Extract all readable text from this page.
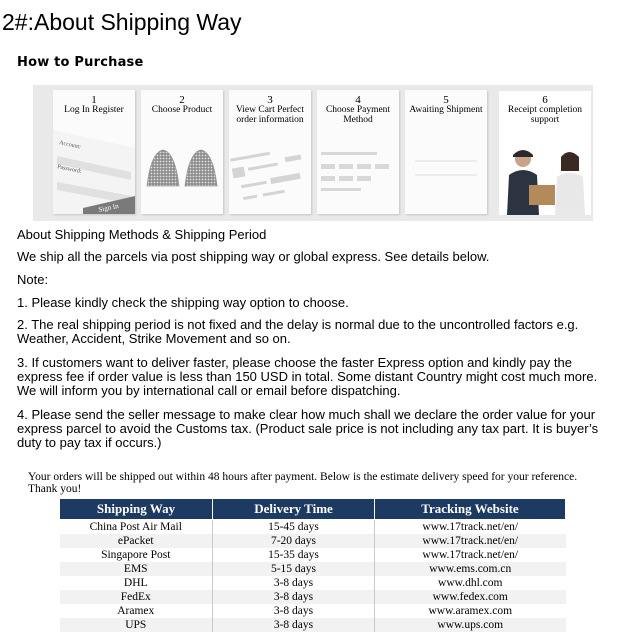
2#:About Shipping Way
How to Purchase
1
Log In Register
Account:
Password:
Sign In
2
Choose Product
3
View Cart Perfect order information
4
Choose Payment Method
5
Awaiting Shipment
6
Receipt completion support
About Shipping Methods & Shipping Period
We ship all the parcels via post shipping way or global express. See details below.
Note:
1. Please kindly check the shipping way option to choose.
2. The real shipping period is not fixed and the delay is normal due to the uncontrolled factors e.g. Weather, Accident, Strike Movement and so on.
3. If customers want to deliver faster, please choose the faster Express option and kindly pay the express fee if order value is less than 150 USD in total. Some distant Country might cost much more. We will inform you by international call or email before dispatching.
4. Please send the seller message to make clear how much shall we declare the order value for your express parcel to avoid the Customs tax. (Product sale price is not including any tax part. It is buyer’s duty to pay tax if occurs.)
Your orders will be shipped out within 48 hours after payment. Below is the estimate delivery speed for your reference. Thank you!
Shipping Way	Delivery Time	Tracking Website
China Post Air Mail	15-45 days	www.17track.net/en/
ePacket	7-20 days	www.17track.net/en/
Singapore Post	15-35 days	www.17track.net/en/
EMS	5-15 days	www.ems.com.cn
DHL	3-8 days	www.dhl.com
FedEx	3-8 days	www.fedex.com
Aramex	3-8 days	www.aramex.com
UPS	3-8 days	www.ups.com
